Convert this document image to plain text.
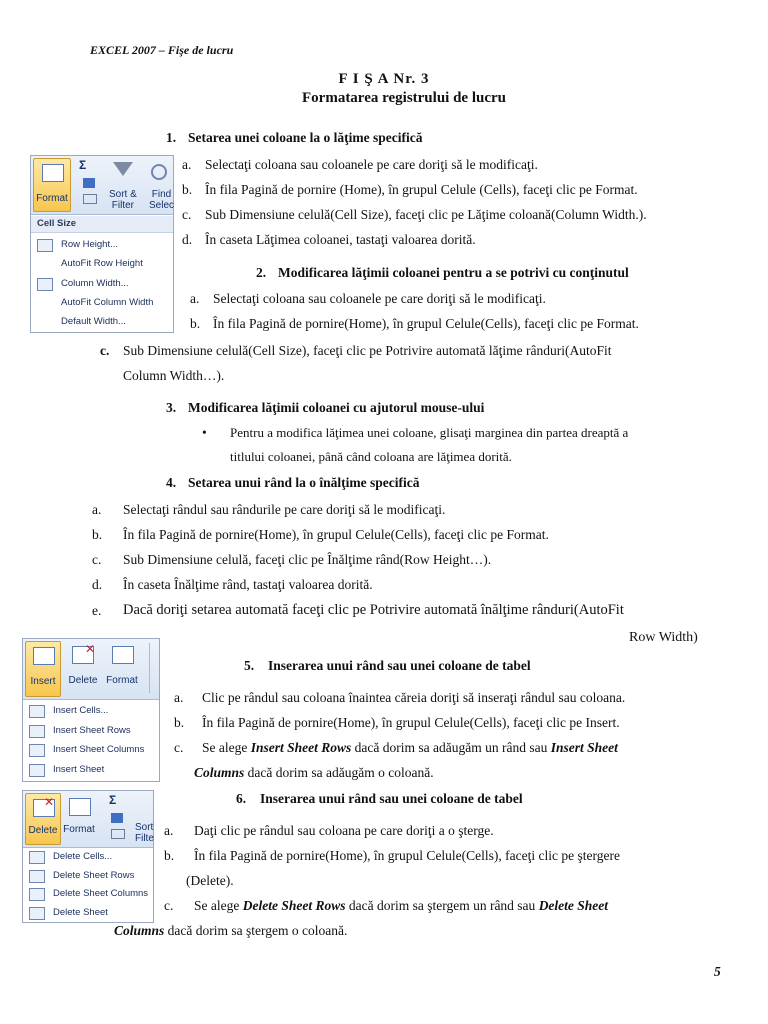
EXCEL 2007 – Fişe de lucru
F I Ş A Nr. 3
Formatarea registrului de lucru
Format
Σ
Sort &
Filter
Find
Selec
Cell Size
Row Height...
AutoFit Row Height
Column Width...
AutoFit Column Width
Default Width...
1. Setarea unei coloane la o lăţime specifică
a. Selectaţi coloana sau coloanele pe care doriţi să le modificaţi.
b. În fila Pagină de pornire (Home), în grupul Celule (Cells), faceţi clic pe Format.
c. Sub Dimensiune celulă(Cell Size), faceţi clic pe Lăţime coloană(Column Width.).
d. În caseta Lăţimea coloanei, tastaţi valoarea dorită.
2. Modificarea lăţimii coloanei pentru a se potrivi cu conţinutul
a. Selectaţi coloana sau coloanele pe care doriţi să le modificaţi.
b. În fila Pagină de pornire(Home), în grupul Celule(Cells), faceţi clic pe Format.
c. Sub Dimensiune celulă(Cell Size), faceţi clic pe Potrivire automată lăţime rânduri(AutoFit
Column Width…).
3. Modificarea lăţimii coloanei cu ajutorul mouse-ului
• Pentru a modifica lăţimea unei coloane, glisaţi marginea din partea dreaptă a
titlului coloanei, până când coloana are lăţimea dorită.
4. Setarea unui rând la o înălţime specifică
a. Selectaţi rândul sau rândurile pe care doriţi să le modificaţi.
b. În fila Pagină de pornire(Home), în grupul Celule(Cells), faceţi clic pe Format.
c. Sub Dimensiune celulă, faceţi clic pe Înălţime rând(Row Height…).
d. În caseta Înălţime rând, tastaţi valoarea dorită.
e. Dacă doriţi setarea automată faceţi clic pe Potrivire automată înălţime rânduri(AutoFit
Row Width)
Insert
✕
Delete Format
Insert Cells...
Insert Sheet Rows
Insert Sheet Columns
Insert Sheet
5. Inserarea unui rând sau unei coloane de tabel
a. Clic pe rândul sau coloana înaintea căreia doriţi să inseraţi rândul sau coloana.
b. În fila Pagină de pornire(Home), în grupul Celule(Cells), faceţi clic pe Insert.
c. Se alege Insert Sheet Rows dacă dorim sa adăugăm un rând sau Insert Sheet
Columns dacă dorim sa adăugăm o coloană.
✕
Delete Format
Σ
Sort
Filte
Delete Cells...
Delete Sheet Rows
Delete Sheet Columns
Delete Sheet
6. Inserarea unui rând sau unei coloane de tabel
a. Daţi clic pe rândul sau coloana pe care doriţi a o şterge.
b. În fila Pagină de pornire(Home), în grupul Celule(Cells), faceţi clic pe ştergere
(Delete).
c. Se alege Delete Sheet Rows dacă dorim sa ştergem un rând sau Delete Sheet
Columns dacă dorim sa ştergem o coloană.
5
